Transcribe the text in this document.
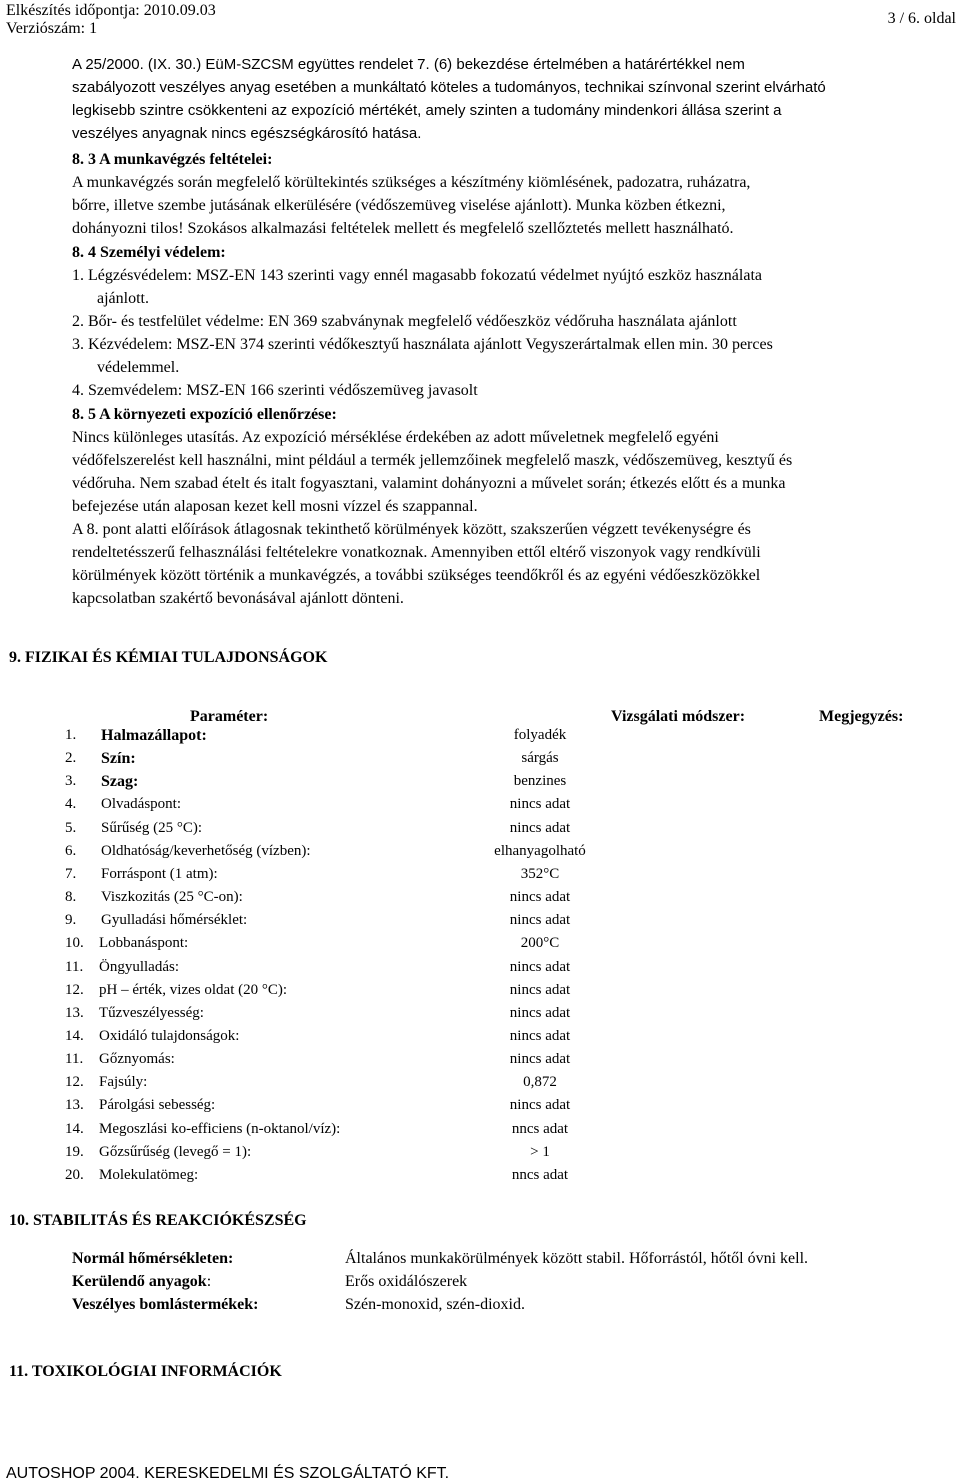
Elkészítés időpontja: 2010.09.03
Verziószám: 1
3 / 6. oldal
A 25/2000. (IX. 30.) EüM-SZCSM együttes rendelet 7. (6) bekezdése értelmében a határértékkel nem
szabályozott veszélyes anyag esetében a munkáltató köteles a tudományos, technikai színvonal szerint elvárható
legkisebb szintre csökkenteni az expozíció mértékét, amely szinten a tudomány mindenkori állása szerint a
veszélyes anyagnak nincs egészségkárosító hatása.
8. 3 A munkavégzés feltételei:
A munkavégzés során megfelelő körültekintés szükséges a készítmény kiömlésének, padozatra, ruházatra,
bőrre, illetve szembe jutásának elkerülésére (védőszemüveg viselése ajánlott). Munka közben étkezni,
dohányozni tilos! Szokásos alkalmazási feltételek mellett és megfelelő szellőztetés mellett használható.
8. 4 Személyi védelem:
1. Légzésvédelem: MSZ-EN 143 szerinti vagy ennél magasabb fokozatú védelmet nyújtó eszköz használata
ajánlott.
2. Bőr- és testfelület védelme: EN 369 szabványnak megfelelő védőeszköz védőruha használata ajánlott
3. Kézvédelem: MSZ-EN 374 szerinti védőkesztyű használata ajánlott Vegyszerártalmak ellen min. 30 perces
védelemmel.
4. Szemvédelem: MSZ-EN 166 szerinti védőszemüveg javasolt
8. 5 A környezeti expozíció ellenőrzése:
Nincs különleges utasítás. Az expozíció mérséklése érdekében az adott műveletnek megfelelő egyéni
védőfelszerelést kell használni, mint például a termék jellemzőinek megfelelő maszk, védőszemüveg, kesztyű és
védőruha. Nem szabad ételt és italt fogyasztani, valamint dohányozni a művelet során; étkezés előtt és a munka
befejezése után alaposan kezet kell mosni vízzel és szappannal.
A 8. pont alatti előírások átlagosnak tekinthető körülmények között, szakszerűen végzett tevékenységre és
rendeltetésszerű felhasználási feltételekre vonatkoznak. Amennyiben ettől eltérő viszonyok vagy rendkívüli
körülmények között történik a munkavégzés, a további szükséges teendőkről és az egyéni védőeszközökkel
kapcsolatban szakértő bevonásával ajánlott dönteni.
9. FIZIKAI ÉS KÉMIAI TULAJDONSÁGOK
Paraméter:	Vizsgálati módszer:	Megjegyzés:
1. Halmazállapot:	folyadék
2. Szín:	sárgás
3. Szag:	benzines
4. Olvadáspont:	nincs adat
5. Sűrűség (25 °C):	nincs adat
6. Oldhatóság/keverhetőség (vízben):	elhanyagolható
7. Forráspont (1 atm):	352°C
8. Viszkozitás (25 °C-on):	nincs adat
9. Gyulladási hőmérséklet:	nincs adat
10. Lobbanáspont:	200°C
11. Öngyulladás:	nincs adat
12. pH – érték, vizes oldat (20 °C):	nincs adat
13. Tűzveszélyesség:	nincs adat
14. Oxidáló tulajdonságok:	nincs adat
11. Gőznyomás:	nincs adat
12. Fajsúly:	0,872
13. Párolgási sebesség:	nincs adat
14. Megoszlási ko-efficiens (n-oktanol/víz):	nncs adat
19. Gőzsűrűség (levegő = 1):	> 1
20. Molekulatömeg:	nncs adat
10. STABILITÁS ÉS REAKCIÓKÉSZSÉG
Normál hőmérsékleten:	Általános munkakörülmények között stabil. Hőforrástól, hőtől óvni kell.
Kerülendő anyagok:	Erős oxidálószerek
Veszélyes bomlástermékek:	Szén-monoxid, szén-dioxid.
11. TOXIKOLÓGIAI INFORMÁCIÓK
AUTOSHOP 2004. KERESKEDELMI ÉS SZOLGÁLTATÓ KFT.
